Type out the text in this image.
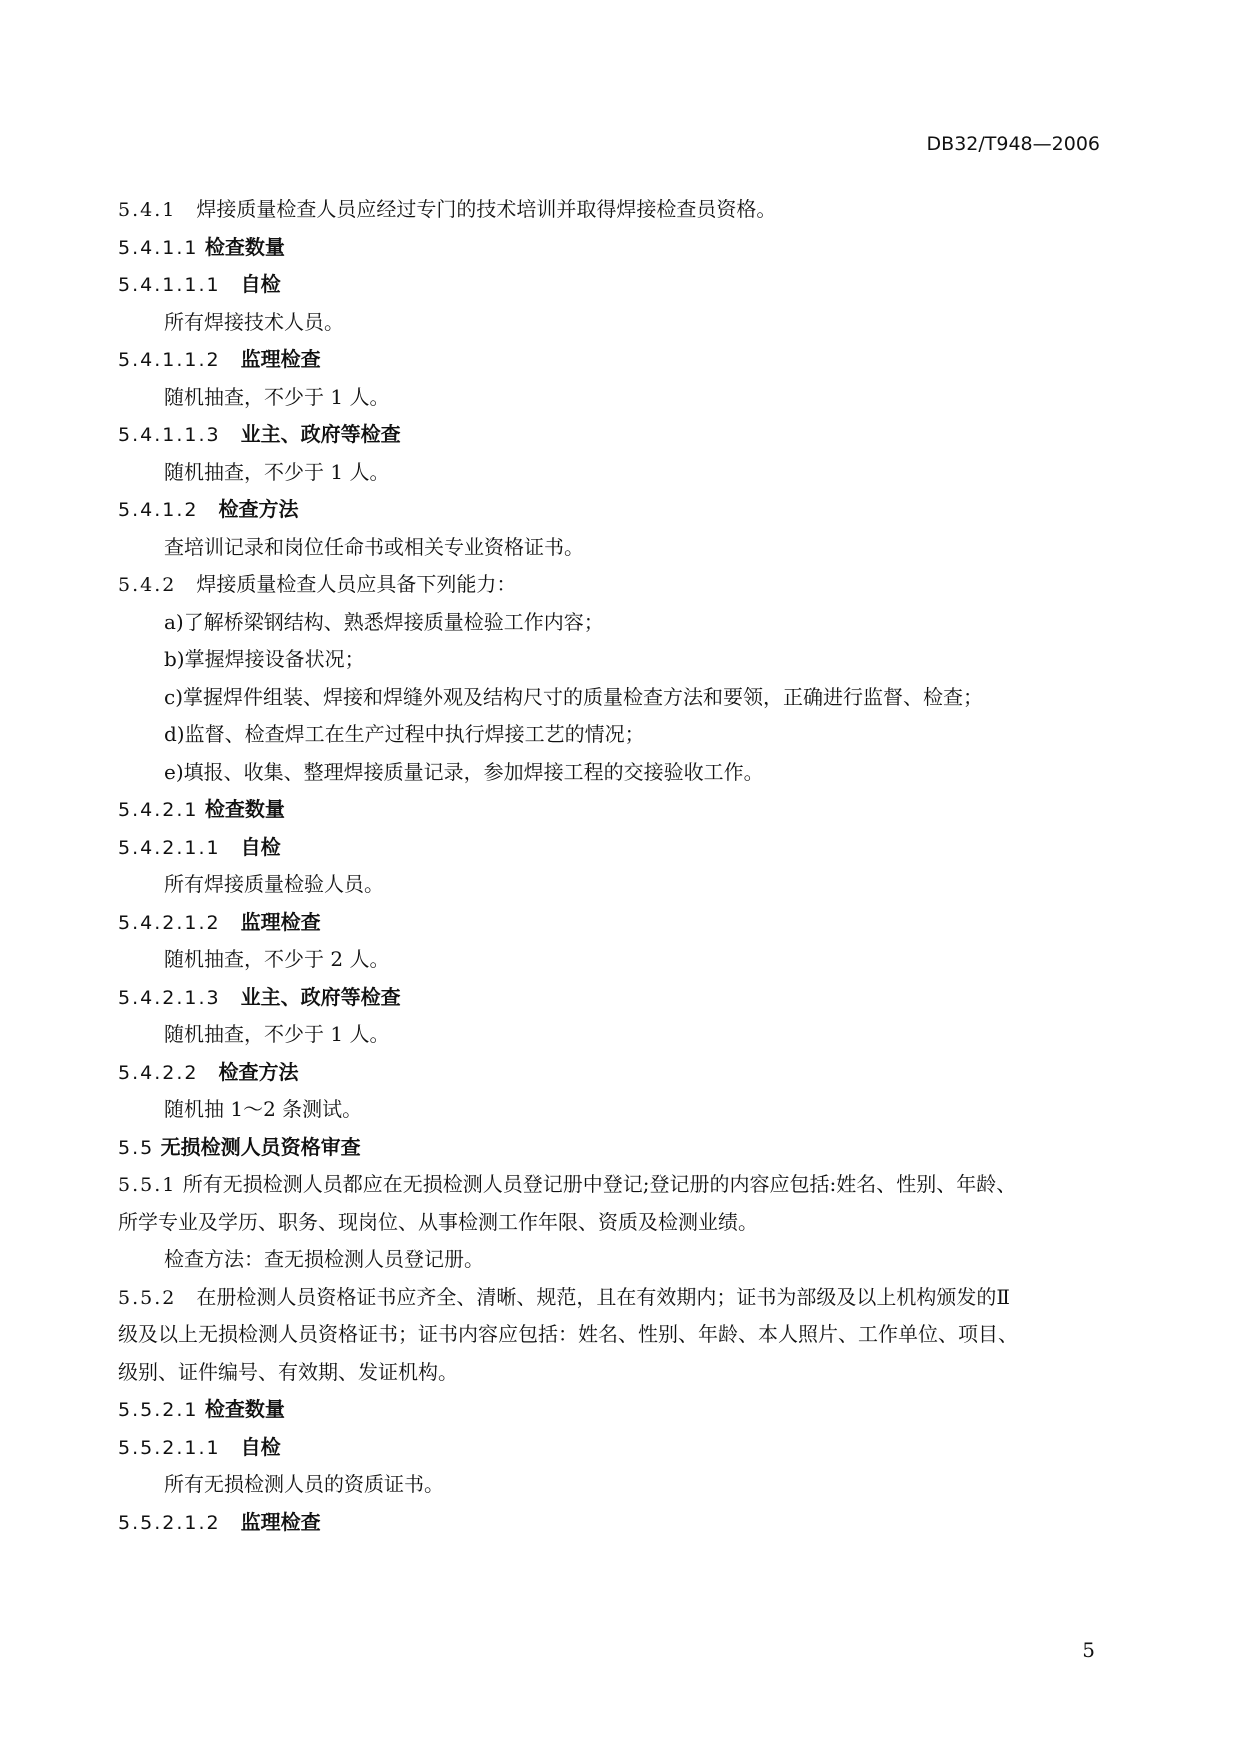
DB32/T948—2006
5.4.1 焊接质量检查人员应经过专门的技术培训并取得焊接检查员资格。
5.4.1.1 检查数量
5.4.1.1.1 自检
所有焊接技术人员。
5.4.1.1.2 监理检查
随机抽查，不少于 1 人。
5.4.1.1.3 业主、政府等检查
随机抽查，不少于 1 人。
5.4.1.2 检查方法
查培训记录和岗位任命书或相关专业资格证书。
5.4.2 焊接质量检查人员应具备下列能力：
a)了解桥梁钢结构、熟悉焊接质量检验工作内容；
b)掌握焊接设备状况；
c)掌握焊件组装、焊接和焊缝外观及结构尺寸的质量检查方法和要领，正确进行监督、检查；
d)监督、检查焊工在生产过程中执行焊接工艺的情况；
e)填报、收集、整理焊接质量记录，参加焊接工程的交接验收工作。
5.4.2.1 检查数量
5.4.2.1.1 自检
所有焊接质量检验人员。
5.4.2.1.2 监理检查
随机抽查，不少于 2 人。
5.4.2.1.3 业主、政府等检查
随机抽查，不少于 1 人。
5.4.2.2 检查方法
随机抽 1～2 条测试。
5.5 无损检测人员资格审查
5.5.1 所有无损检测人员都应在无损检测人员登记册中登记;登记册的内容应包括:姓名、性别、年龄、
所学专业及学历、职务、现岗位、从事检测工作年限、资质及检测业绩。
检查方法：查无损检测人员登记册。
5.5.2 在册检测人员资格证书应齐全、清晰、规范，且在有效期内；证书为部级及以上机构颁发的Ⅱ
级及以上无损检测人员资格证书；证书内容应包括：姓名、性别、年龄、本人照片、工作单位、项目、
级别、证件编号、有效期、发证机构。
5.5.2.1 检查数量
5.5.2.1.1 自检
所有无损检测人员的资质证书。
5.5.2.1.2 监理检查
5
